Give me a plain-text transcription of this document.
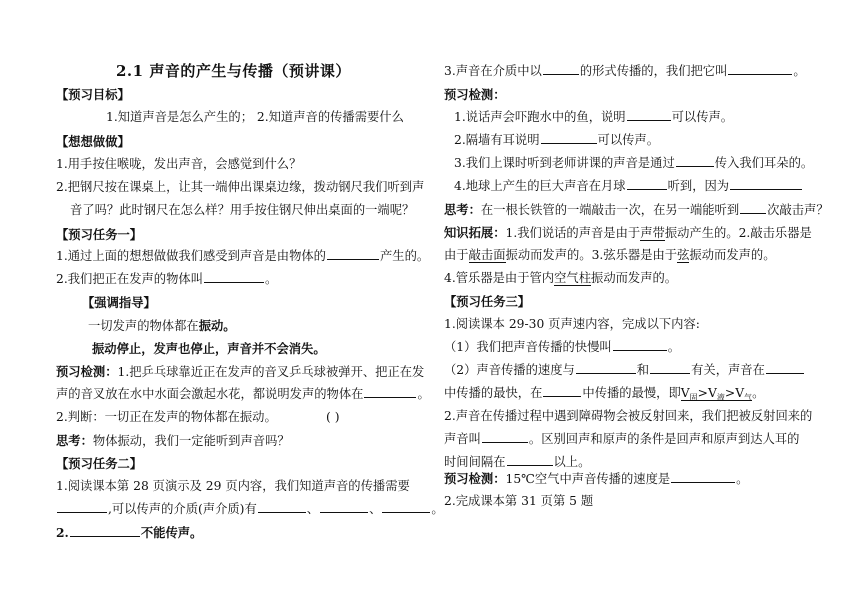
2.1 声音的产生与传播（预讲课）
【预习目标】
1.知道声音是怎么产生的； 2.知道声音的传播需要什么
【想想做做】
1.用手按住喉咙，发出声音，会感觉到什么？
2.把钢尺按在课桌上，让其一端伸出课桌边缘，拨动钢尺我们听到声
音了吗？此时钢尺在怎么样？用手按住钢尺伸出桌面的一端呢？
【预习任务一】
1.通过上面的想想做做我们感受到声音是由物体的	产生的。
2.我们把正在发声的物体叫	。
【强调指导】
一切发声的物体都在振动。
振动停止，发声也停止，声音并不会消失。
预习检测：1.把乒乓球靠近正在发声的音叉乒乓球被弹开、把正在发
声的音叉放在水中水面会激起水花，都说明发声的物体在	。
2.判断：一切正在发声的物体都在振动。	( )
思考：物体振动，我们一定能听到声音吗？
【预习任务二】
1.阅读课本第 28 页演示及 29 页内容，我们知道声音的传播需要
,可以传声的介质(声介质)有	、	、	。
2.	不能传声。
3.声音在介质中以	的形式传播的，我们把它叫	。
预习检测：
1.说话声会吓跑水中的鱼，说明	可以传声。
2.隔墙有耳说明	可以传声。
3.我们上课时听到老师讲课的声音是通过	传入我们耳朵的。
4.地球上产生的巨大声音在月球	听到，因为
思考：在一根长铁管的一端敲击一次，在另一端能听到 次敲击声？
知识拓展：1.我们说话的声音是由于声带振动产生的。2.敲击乐器是
由于敲击面振动而发声的。3.弦乐器是由于弦振动而发声的。
4.管乐器是由于管内空气柱振动而发声的。
【预习任务三】
1.阅读课本 29-30 页声速内容，完成以下内容:
（1）我们把声音传播的快慢叫	。
（2）声音传播的速度与	和	有关，声音在
中传播的最快，在	中传播的最慢，即$V_固>V_液>V_气$。
2.声音在传播过程中遇到障碍物会被反射回来，我们把被反射回来的
声音叫	。区别回声和原声的条件是回声和原声到达人耳的
时间间隔在	以上。
预习检测：15℃空气中声音传播的速度是	。
2.完成课本第 31 页第 5 题
